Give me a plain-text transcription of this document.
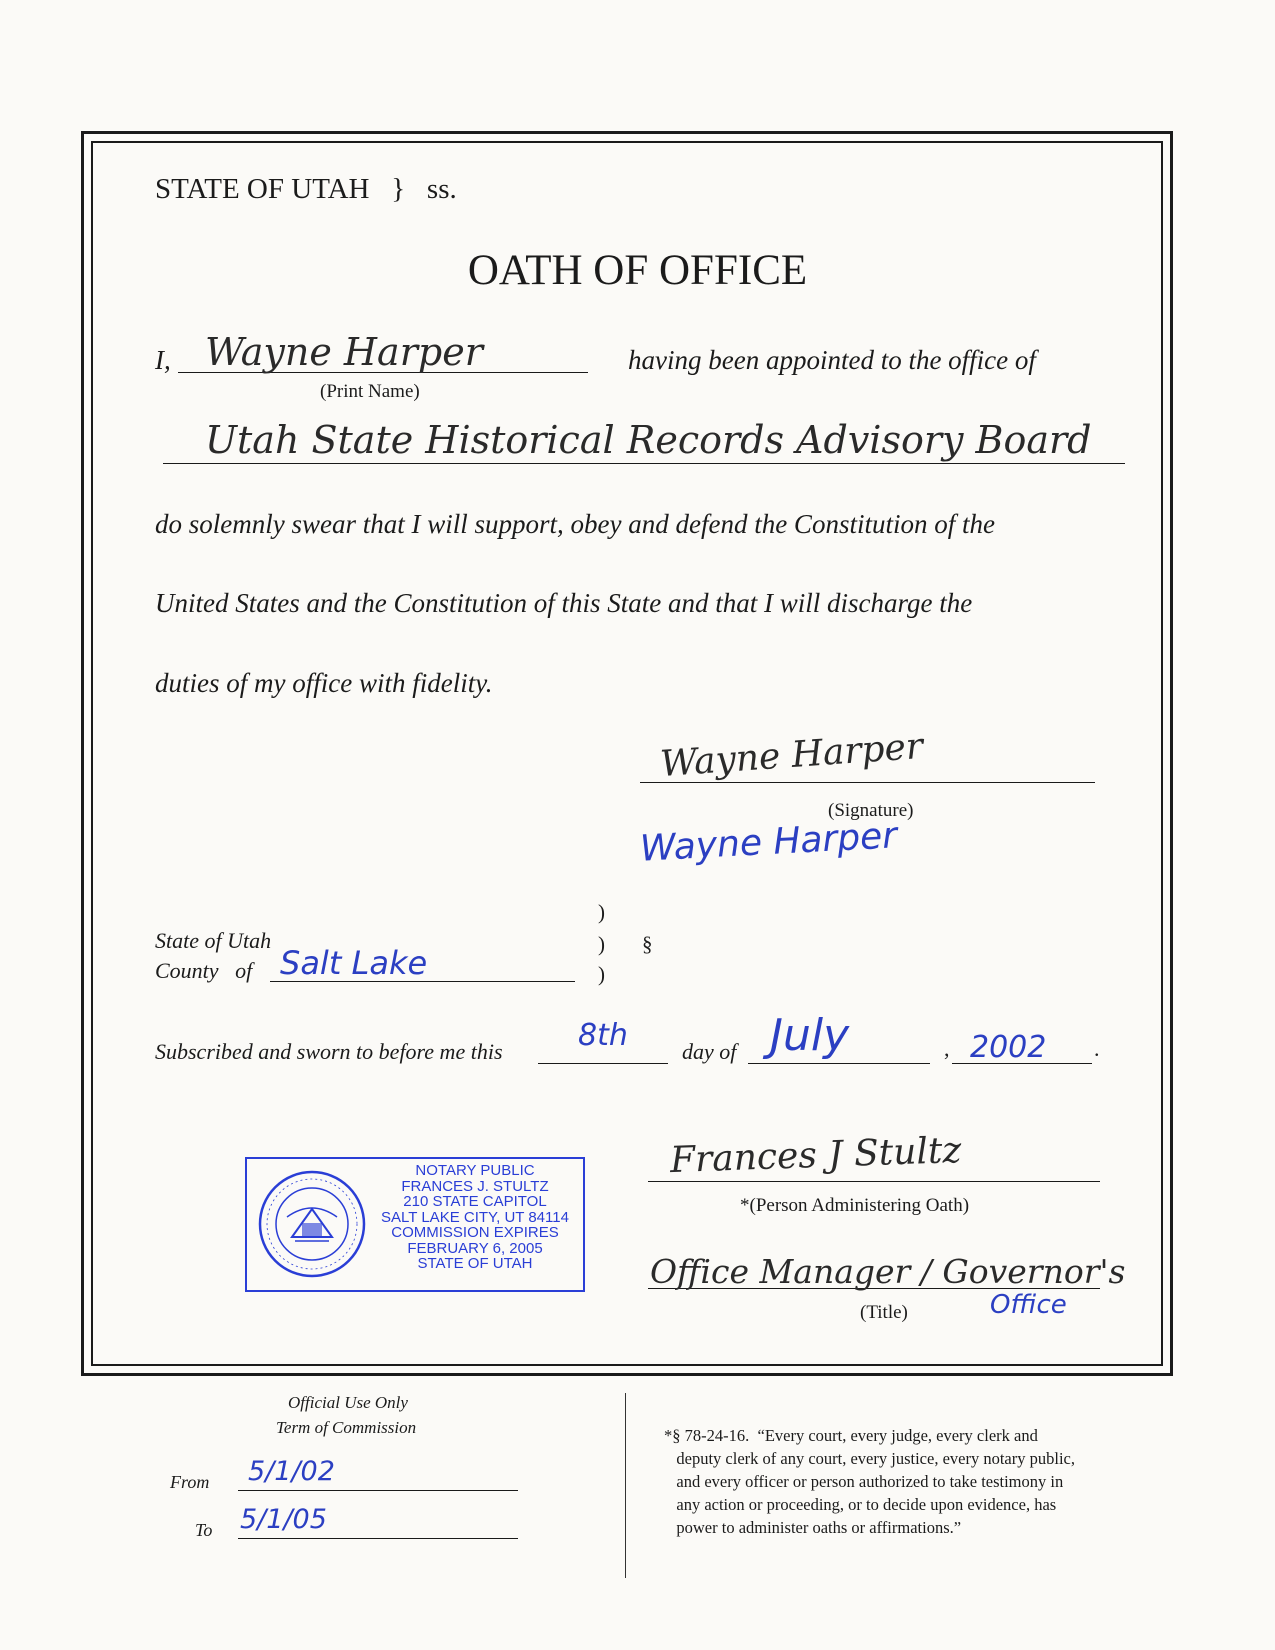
STATE OF UTAH } ss.
OATH OF OFFICE
I, Wayne Harper
(Print Name)
having been appointed to the office of
Utah State Historical Records Advisory Board
do solemnly swear that I will support, obey and defend the Constitution of the
United States and the Constitution of this State and that I will discharge the
duties of my office with fidelity.
Wayne Harper
Wayne Harper
(Signature)
State of Utah
County of Salt Lake
)
)
)
§
Subscribed and sworn to before me this	8th day of July	, 2002 .
NOTARY PUBLIC
FRANCES J. STULTZ
210 STATE CAPITOL
SALT LAKE CITY, UT 84114
COMMISSION EXPIRES
FEBRUARY 6, 2005
STATE OF UTAH
Frances J Stultz
*(Person Administering Oath)
Office Manager / Governor's
Office
(Title)
Official Use Only
Term of Commission
From 5/1/02
To 5/1/05
*§ 78-24-16.  “Every court, every judge, every clerk and
deputy clerk of any court, every justice, every notary public,
and every officer or person authorized to take testimony in
any action or proceeding, or to decide upon evidence, has
power to administer oaths or affirmations.”
